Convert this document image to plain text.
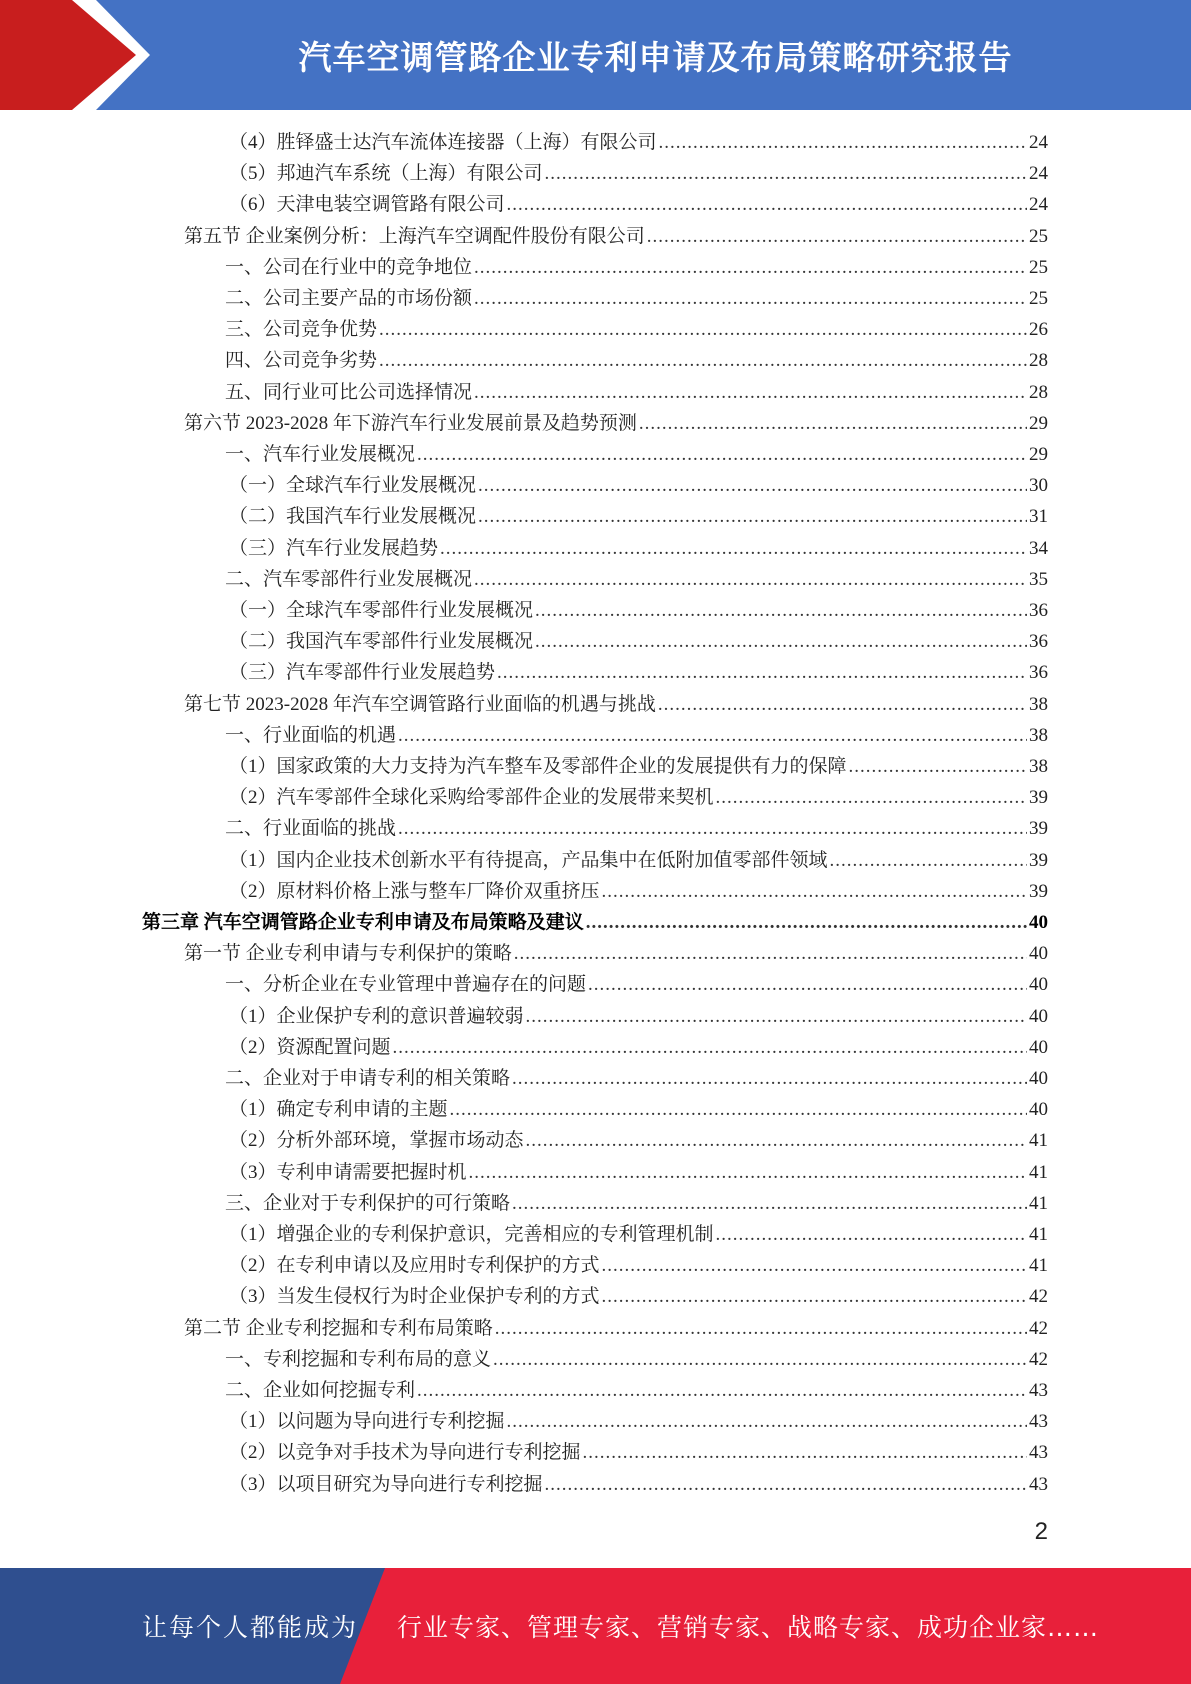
汽车空调管路企业专利申请及布局策略研究报告
（4）胜铎盛士达汽车流体连接器（上海）有限公司 .....	24
（5）邦迪汽车系统（上海）有限公司 .....	24
（6）天津电装空调管路有限公司 .....	24
第五节 企业案例分析：上海汽车空调配件股份有限公司 .....	25
一、公司在行业中的竞争地位 .....	25
二、公司主要产品的市场份额 .....	25
三、公司竞争优势 .....	26
四、公司竞争劣势 .....	28
五、同行业可比公司选择情况 .....	28
第六节 2023-2028 年下游汽车行业发展前景及趋势预测 .....	29
一、汽车行业发展概况 .....	29
（一）全球汽车行业发展概况 .....	30
（二）我国汽车行业发展概况 .....	31
（三）汽车行业发展趋势 .....	34
二、汽车零部件行业发展概况 .....	35
（一）全球汽车零部件行业发展概况 .....	36
（二）我国汽车零部件行业发展概况 .....	36
（三）汽车零部件行业发展趋势 .....	36
第七节 2023-2028 年汽车空调管路行业面临的机遇与挑战 .....	38
一、行业面临的机遇 .....	38
（1）国家政策的大力支持为汽车整车及零部件企业的发展提供有力的保障 .....	38
（2）汽车零部件全球化采购给零部件企业的发展带来契机 .....	39
二、行业面临的挑战 .....	39
（1）国内企业技术创新水平有待提高，产品集中在低附加值零部件领域 .....	39
（2）原材料价格上涨与整车厂降价双重挤压 .....	39
第三章 汽车空调管路企业专利申请及布局策略及建议 .....	40
第一节 企业专利申请与专利保护的策略 .....	40
一、分析企业在专业管理中普遍存在的问题 .....	40
（1）企业保护专利的意识普遍较弱 .....	40
（2）资源配置问题 .....	40
二、企业对于申请专利的相关策略 .....	40
（1）确定专利申请的主题 .....	40
（2）分析外部环境，掌握市场动态 .....	41
（3）专利申请需要把握时机 .....	41
三、企业对于专利保护的可行策略 .....	41
（1）增强企业的专利保护意识，完善相应的专利管理机制 .....	41
（2）在专利申请以及应用时专利保护的方式 .....	41
（3）当发生侵权行为时企业保护专利的方式 .....	42
第二节 企业专利挖掘和专利布局策略 .....	42
一、专利挖掘和专利布局的意义 .....	42
二、企业如何挖掘专利 .....	43
（1）以问题为导向进行专利挖掘 .....	43
（2）以竞争对手技术为导向进行专利挖掘 .....	43
（3）以项目研究为导向进行专利挖掘 .....	43
2
让每个人都能成为 行业专家、管理专家、营销专家、战略专家、成功企业家……
